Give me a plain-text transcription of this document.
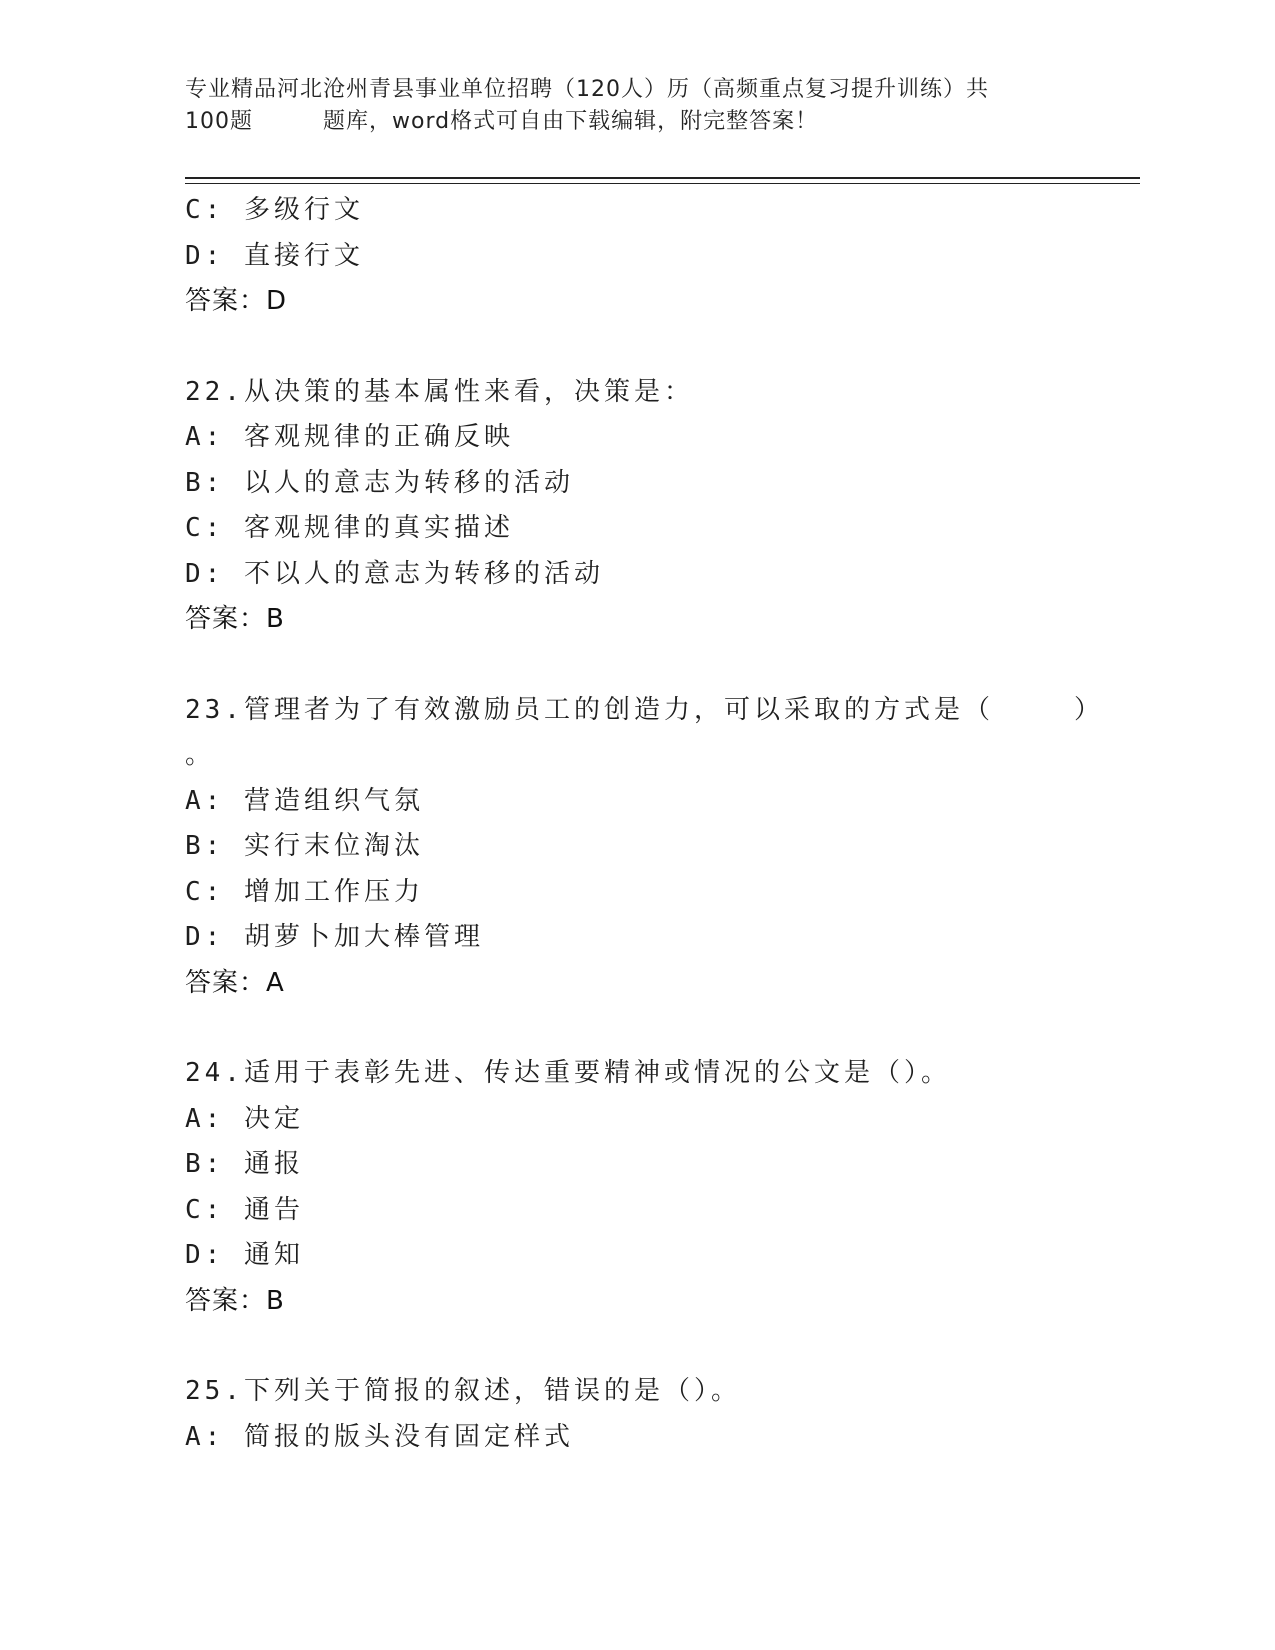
专业精品河北沧州青县事业单位招聘（120人）历（高频重点复习提升训练）共
100题	题库，word格式可自由下载编辑，附完整答案！
C: 多级行文
D: 直接行文
答案：D
22.从决策的基本属性来看，决策是：
A: 客观规律的正确反映
B: 以人的意志为转移的活动
C: 客观规律的真实描述
D: 不以人的意志为转移的活动
答案：B
23.管理者为了有效激励员工的创造力，可以采取的方式是（	）
。
A: 营造组织气氛
B: 实行末位淘汰
C: 增加工作压力
D: 胡萝卜加大棒管理
答案：A
24.适用于表彰先进、传达重要精神或情况的公文是（）。
A: 决定
B: 通报
C: 通告
D: 通知
答案：B
25.下列关于简报的叙述，错误的是（）。
A: 简报的版头没有固定样式
